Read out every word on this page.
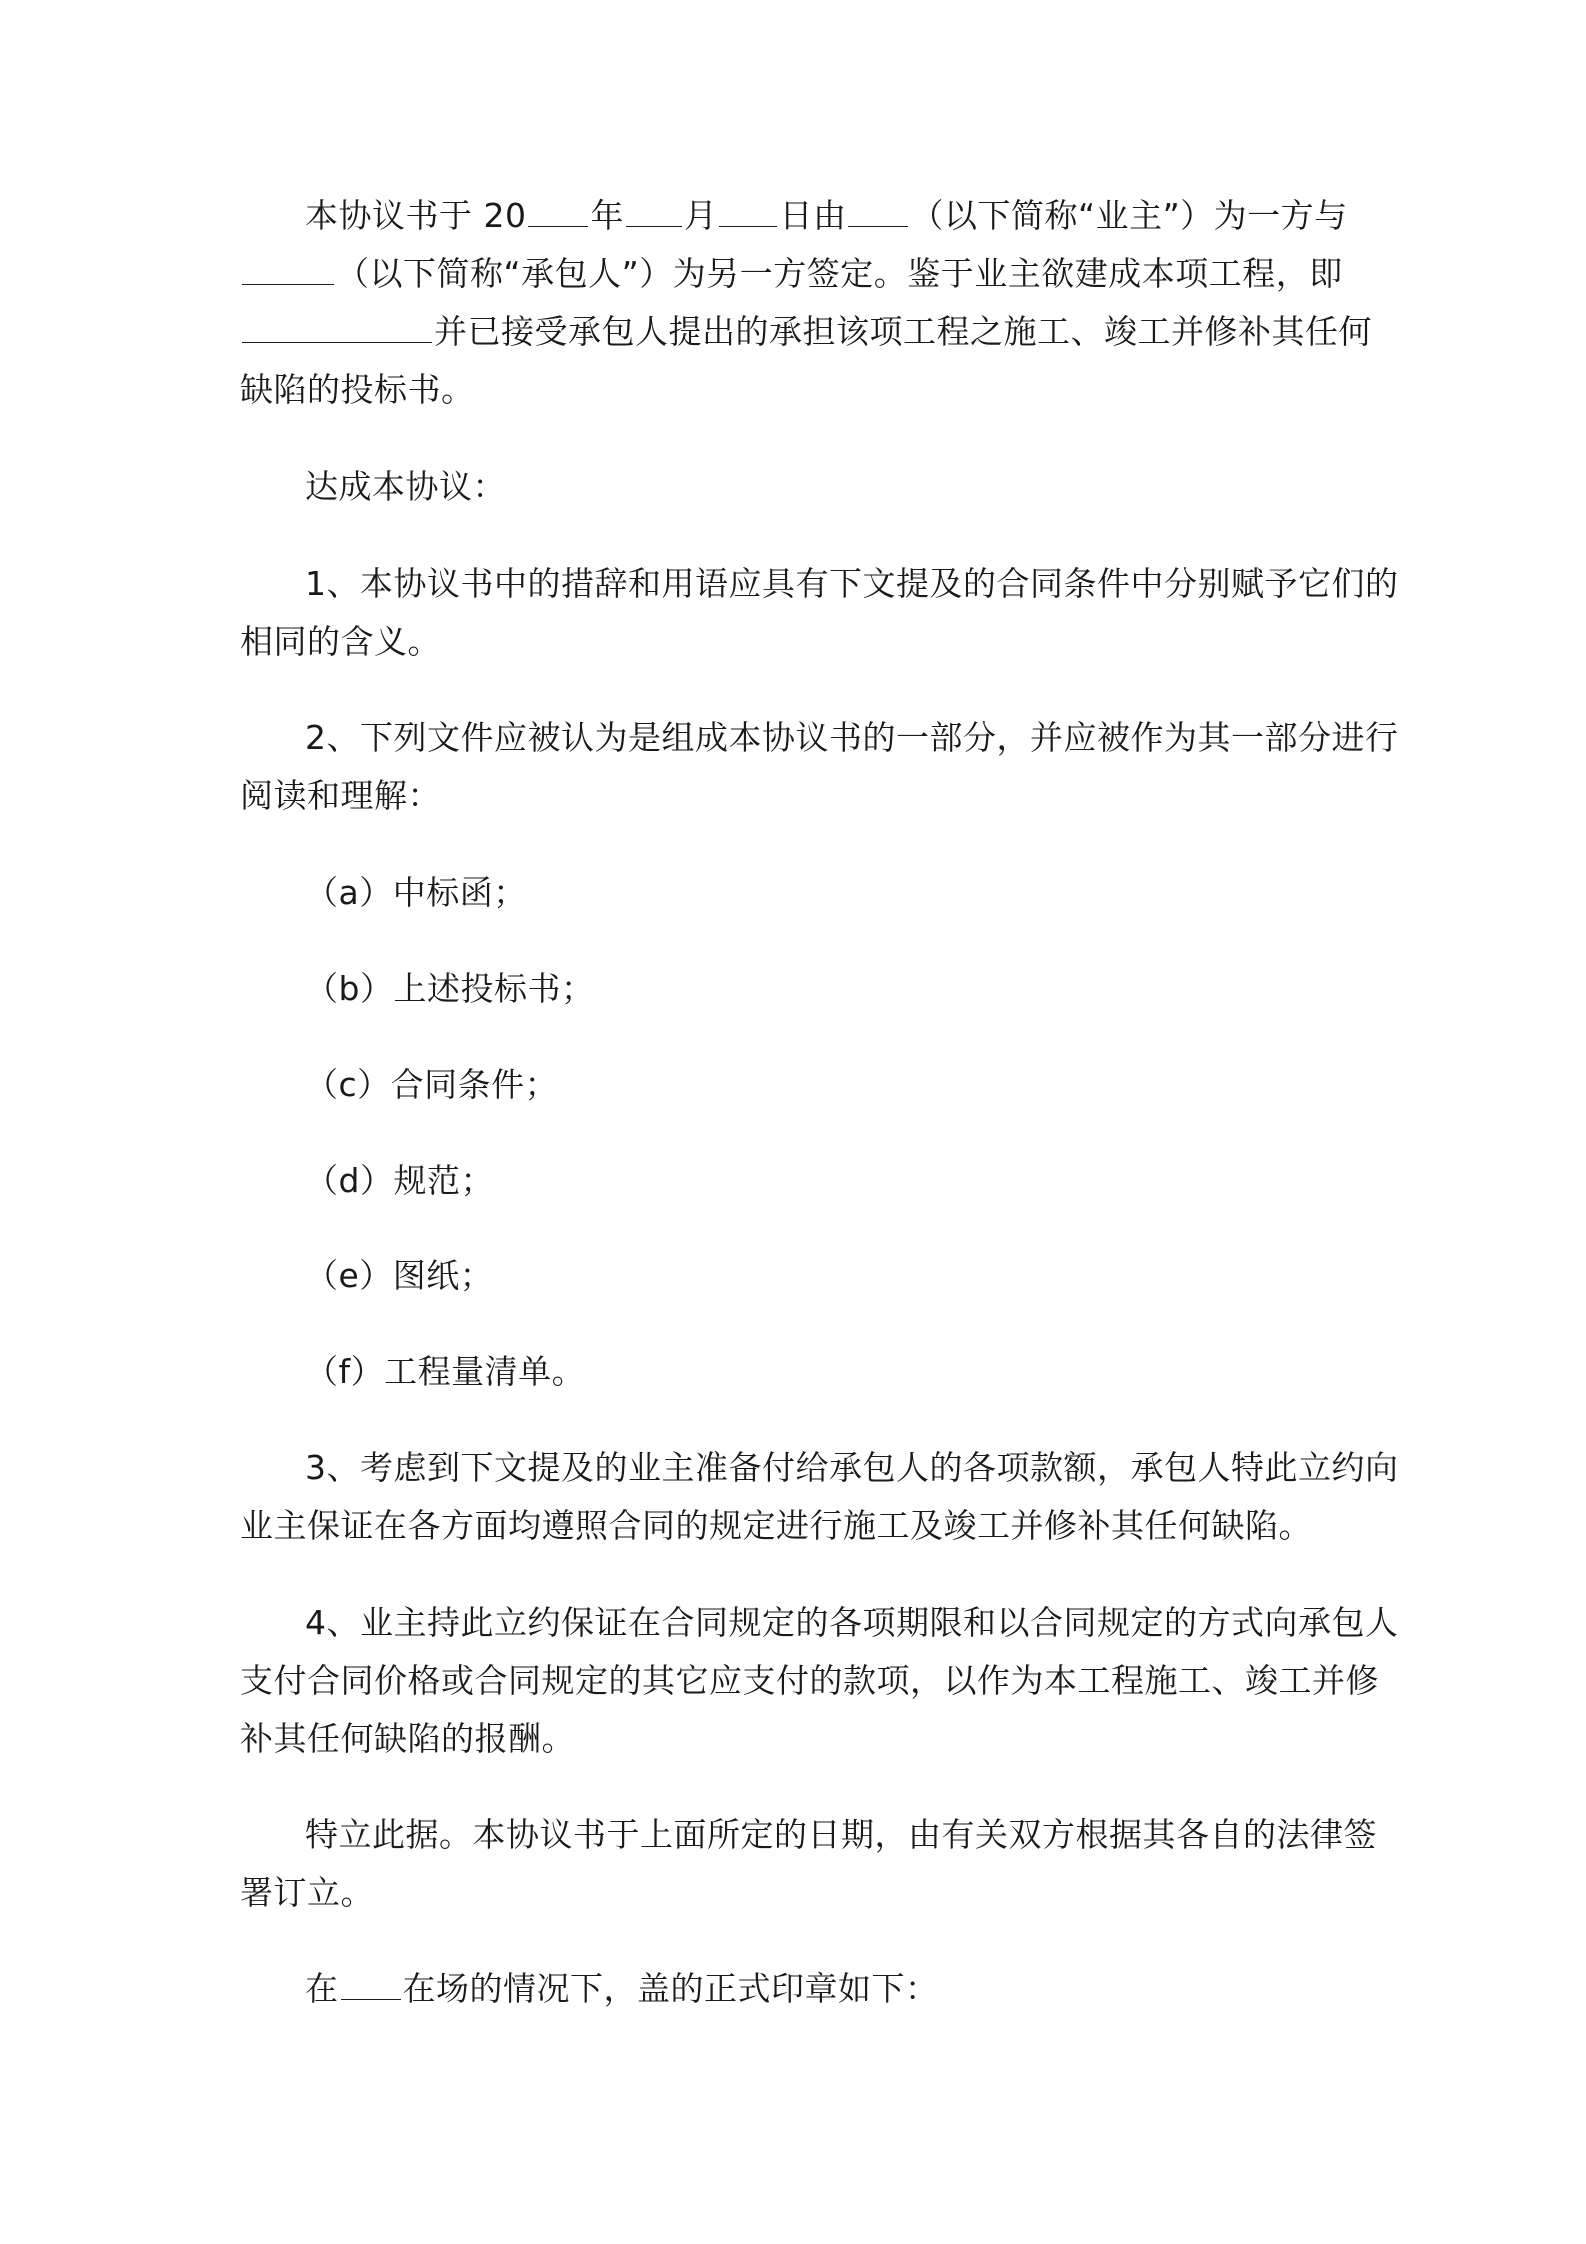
本协议书于 20 年 月 日由 （以下简称“业主”）为一方与
（以下简称“承包人”）为另一方签定。鉴于业主欲建成本项工程，即
并已接受承包人提出的承担该项工程之施工、竣工并修补其任何
缺陷的投标书。
达成本协议：
1、本协议书中的措辞和用语应具有下文提及的合同条件中分别赋予它们的
相同的含义。
2、下列文件应被认为是组成本协议书的一部分，并应被作为其一部分进行
阅读和理解：
（a）中标函；
（b）上述投标书；
（c）合同条件；
（d）规范；
（e）图纸；
（f）工程量清单。
3、考虑到下文提及的业主准备付给承包人的各项款额，承包人特此立约向
业主保证在各方面均遵照合同的规定进行施工及竣工并修补其任何缺陷。
4、业主持此立约保证在合同规定的各项期限和以合同规定的方式向承包人
支付合同价格或合同规定的其它应支付的款项，以作为本工程施工、竣工并修
补其任何缺陷的报酬。
特立此据。本协议书于上面所定的日期，由有关双方根据其各自的法律签
署订立。
在 在场的情况下，盖的正式印章如下：
